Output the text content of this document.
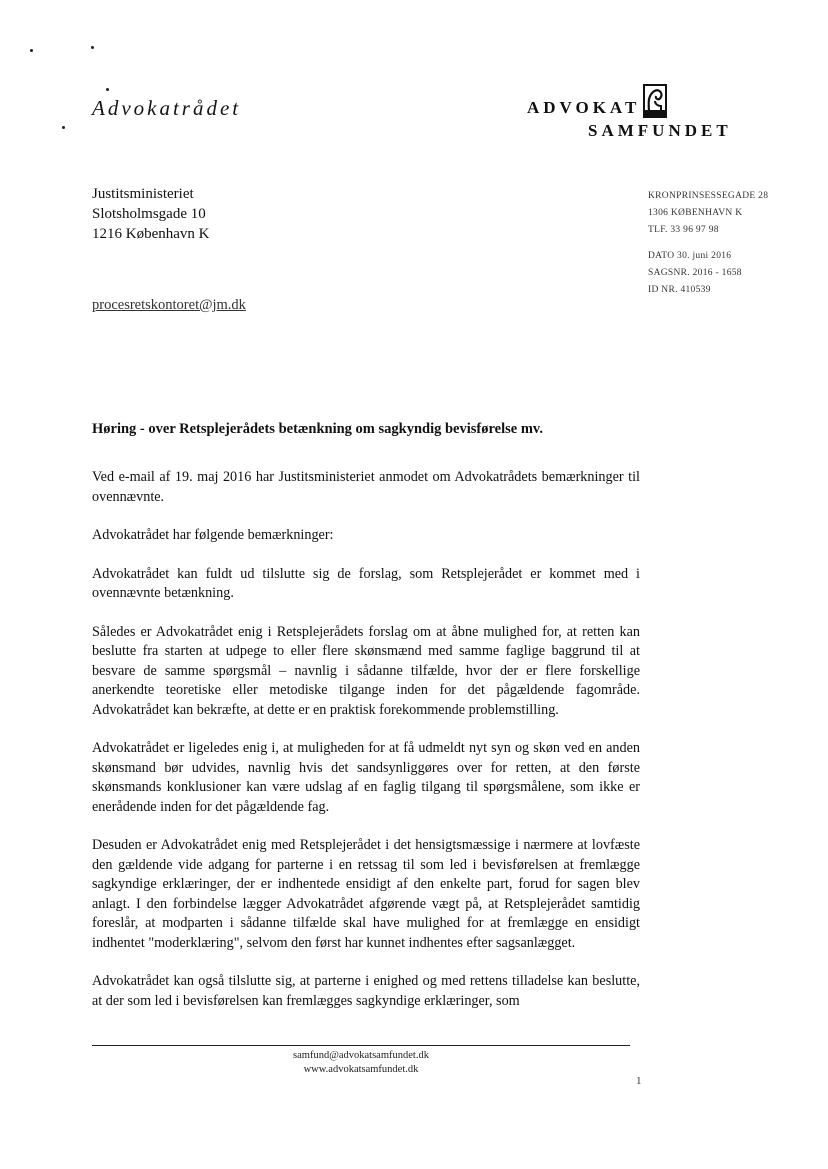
Advokatrådet	ADVOKAT
SAMFUNDET
Justitsministeriet
Slotsholmsgade 10
1216 København K
KRONPRINSESSEGADE 28
1306 KØBENHAVN K
TLF. 33 96 97 98
DATO 30. juni 2016
SAGSNR. 2016 - 1658
ID NR. 410539
procesretskontoret@jm.dk
Høring - over Retsplejerådets betænkning om sagkyndig bevisførelse mv.

Ved e-mail af 19. maj 2016 har Justitsministeriet anmodet om Advokatrådets bemærkninger til ovennævnte.

Advokatrådet har følgende bemærkninger:

Advokatrådet kan fuldt ud tilslutte sig de forslag, som Retsplejerådet er kommet med i ovennævnte betænkning.

Således er Advokatrådet enig i Retsplejerådets forslag om at åbne mulighed for, at retten kan beslutte fra starten at udpege to eller flere skønsmænd med samme faglige baggrund til at besvare de samme spørgsmål – navnlig i sådanne tilfælde, hvor der er flere forskellige anerkendte teoretiske eller metodiske tilgange inden for det pågældende fagområde. Advokatrådet kan bekræfte, at dette er en praktisk forekommende problemstilling.

Advokatrådet er ligeledes enig i, at muligheden for at få udmeldt nyt syn og skøn ved en anden skønsmand bør udvides, navnlig hvis det sandsynliggøres over for retten, at den første skønsmands konklusioner kan være udslag af en faglig tilgang til spørgsmålene, som ikke er enerådende inden for det pågældende fag.

Desuden er Advokatrådet enig med Retsplejerådet i det hensigtsmæssige i nærmere at lovfæste den gældende vide adgang for parterne i en retssag til som led i bevisførelsen at fremlægge sagkyndige erklæringer, der er indhentede ensidigt af den enkelte part, forud for sagen blev anlagt. I den forbindelse lægger Advokatrådet afgørende vægt på, at Retsplejerådet samtidig foreslår, at modparten i sådanne tilfælde skal have mulighed for at fremlægge en ensidigt indhentet "moderklæring", selvom den først har kunnet indhentes efter sagsanlægget.

Advokatrådet kan også tilslutte sig, at parterne i enighed og med rettens tilladelse kan beslutte, at der som led i bevisførelsen kan fremlægges sagkyndige erklæringer, som

samfund@advokatsamfundet.dk
www.advokatsamfundet.dk
1
